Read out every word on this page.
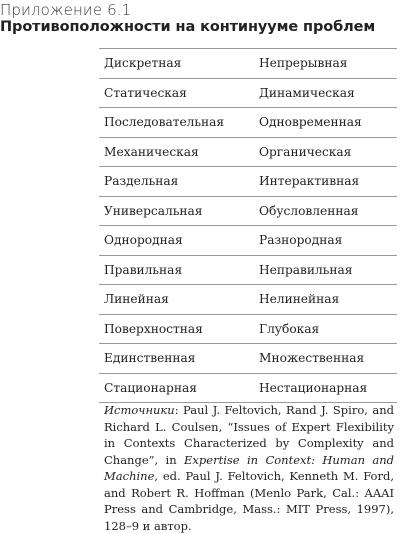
Приложение 6.1
Противоположности на континууме проблем
Дискретная	Непрерывная
Статическая	Динамическая
Последовательная	Одновременная
Механическая	Органическая
Раздельная	Интерактивная
Универсальная	Обусловленная
Однородная	Разнородная
Правильная	Неправильная
Линейная	Нелинейная
Поверхностная	Глубокая
Единственная	Множественная
Стационарная	Нестационарная
Источники: Paul J. Feltovich, Rand J. Spiro, and Richard L. Coulsen, “Issues of Expert Flexibility in Contexts Characterized by Complexity and Change”, in Expertise in Context: Human and Machine, ed. Paul J. Feltovich, Kenneth M. Ford, and Robert R. Hoffman (Menlo Park, Cal.: AAAI Press and Cambridge, Mass.: MIT Press, 1997), 128–9 и автор.
